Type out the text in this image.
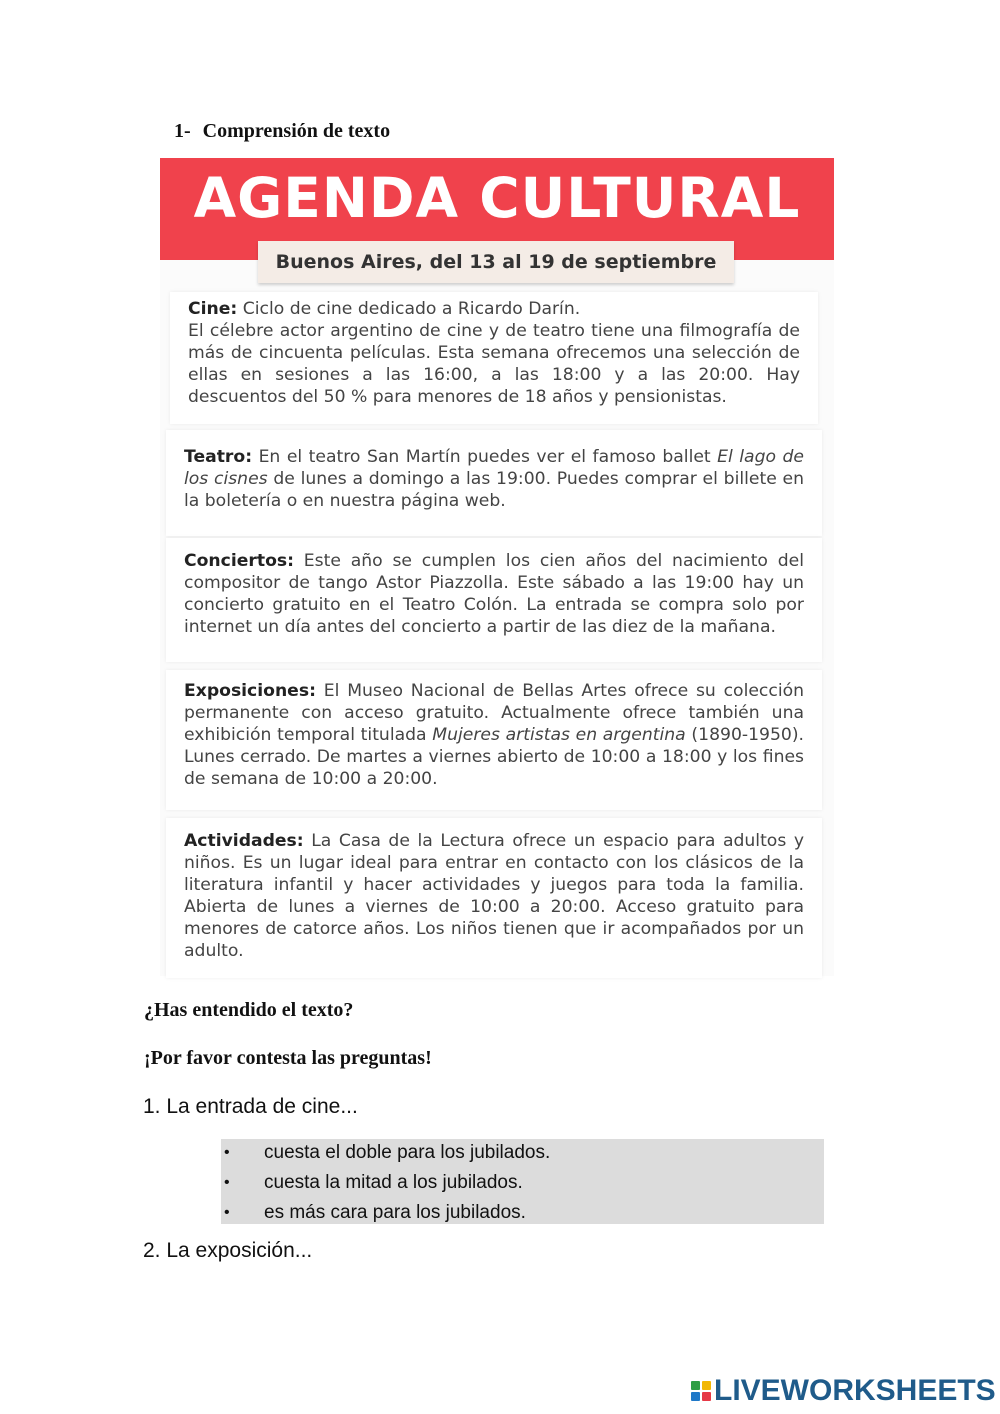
1- Comprensión de texto
AGENDA CULTURAL
Buenos Aires, del 13 al 19 de septiembre

Cine: Ciclo de cine dedicado a Ricardo Darín.

El célebre actor argentino de cine y de teatro tiene una filmografía de más de cincuenta películas. Esta semana ofrecemos una selección de ellas en sesiones a las 16:00, a las 18:00 y a las 20:00. Hay descuentos del 50 % para menores de 18 años y pensionistas.

Teatro: En el teatro San Martín puedes ver el famoso ballet El lago de los cisnes de lunes a domingo a las 19:00. Puedes comprar el billete en la boletería o en nuestra página web.

Conciertos: Este año se cumplen los cien años del nacimiento del compositor de tango Astor Piazzolla. Este sábado a las 19:00 hay un concierto gratuito en el Teatro Colón. La entrada se compra solo por internet un día antes del concierto a partir de las diez de la mañana.

Exposiciones: El Museo Nacional de Bellas Artes ofrece su colección permanente con acceso gratuito. Actualmente ofrece también una exhibición temporal titulada Mujeres artistas en argentina (1890-1950). Lunes cerrado. De martes a viernes abierto de 10:00 a 18:00 y los fines de semana de 10:00 a 20:00.

Actividades: La Casa de la Lectura ofrece un espacio para adultos y niños. Es un lugar ideal para entrar en contacto con los clásicos de la literatura infantil y hacer actividades y juegos para toda la familia. Abierta de lunes a viernes de 10:00 a 20:00. Acceso gratuito para menores de catorce años. Los niños tienen que ir acompañados por un adulto.

¿Has entendido el texto?
¡Por favor contesta las preguntas!
1. La entrada de cine...
• cuesta el doble para los jubilados.
• cuesta la mitad a los jubilados.
• es más cara para los jubilados.
2. La exposición...
LIVEWORKSHEETS
